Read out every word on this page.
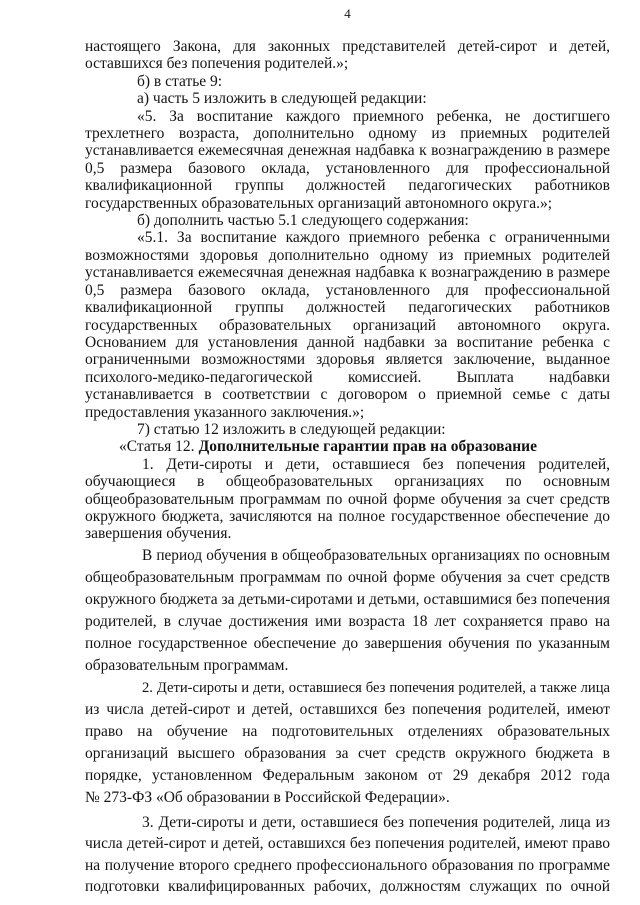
4
настоящего Закона, для законных представителей детей-сирот и детей,
оставшихся без попечения родителей.»;
б) в статье 9:
а) часть 5 изложить в следующей редакции:
«5. За воспитание каждого приемного ребенка, не достигшего
трехлетнего возраста, дополнительно одному из приемных родителей
устанавливается ежемесячная денежная надбавка к вознаграждению в размере
0,5 размера базового оклада, установленного для профессиональной
квалификационной группы должностей педагогических работников
государственных образовательных организаций автономного округа.»;
б) дополнить частью 5.1 следующего содержания:
«5.1. За воспитание каждого приемного ребенка с ограниченными
возможностями здоровья дополнительно одному из приемных родителей
устанавливается ежемесячная денежная надбавка к вознаграждению в размере
0,5 размера базового оклада, установленного для профессиональной
квалификационной группы должностей педагогических работников
государственных образовательных организаций автономного округа.
Основанием для установления данной надбавки за воспитание ребенка с
ограниченными возможностями здоровья является заключение, выданное
психолого-медико-педагогической комиссией. Выплата надбавки
устанавливается в соответствии с договором о приемной семье с даты
предоставления указанного заключения.»;
7) статью 12 изложить в следующей редакции:
«Статья 12. Дополнительные гарантии прав на образование
1. Дети-сироты и дети, оставшиеся без попечения родителей,
обучающиеся в общеобразовательных организациях по основным
общеобразовательным программам по очной форме обучения за счет средств
окружного бюджета, зачисляются на полное государственное обеспечение до
завершения обучения.
В период обучения в общеобразовательных организациях по основным
общеобразовательным программам по очной форме обучения за счет средств
окружного бюджета за детьми-сиротами и детьми, оставшимися без попечения
родителей, в случае достижения ими возраста 18 лет сохраняется право на
полное государственное обеспечение до завершения обучения по указанным
образовательным программам.
2. Дети-сироты и дети, оставшиеся без попечения родителей, а также лица
из числа детей-сирот и детей, оставшихся без попечения родителей, имеют
право на обучение на подготовительных отделениях образовательных
организаций высшего образования за счет средств окружного бюджета в
порядке, установленном Федеральным законом от 29 декабря 2012 года
№ 273-ФЗ «Об образовании в Российской Федерации».
3. Дети-сироты и дети, оставшиеся без попечения родителей, лица из
числа детей-сирот и детей, оставшихся без попечения родителей, имеют право
на получение второго среднего профессионального образования по программе
подготовки квалифицированных рабочих, должностям служащих по очной
